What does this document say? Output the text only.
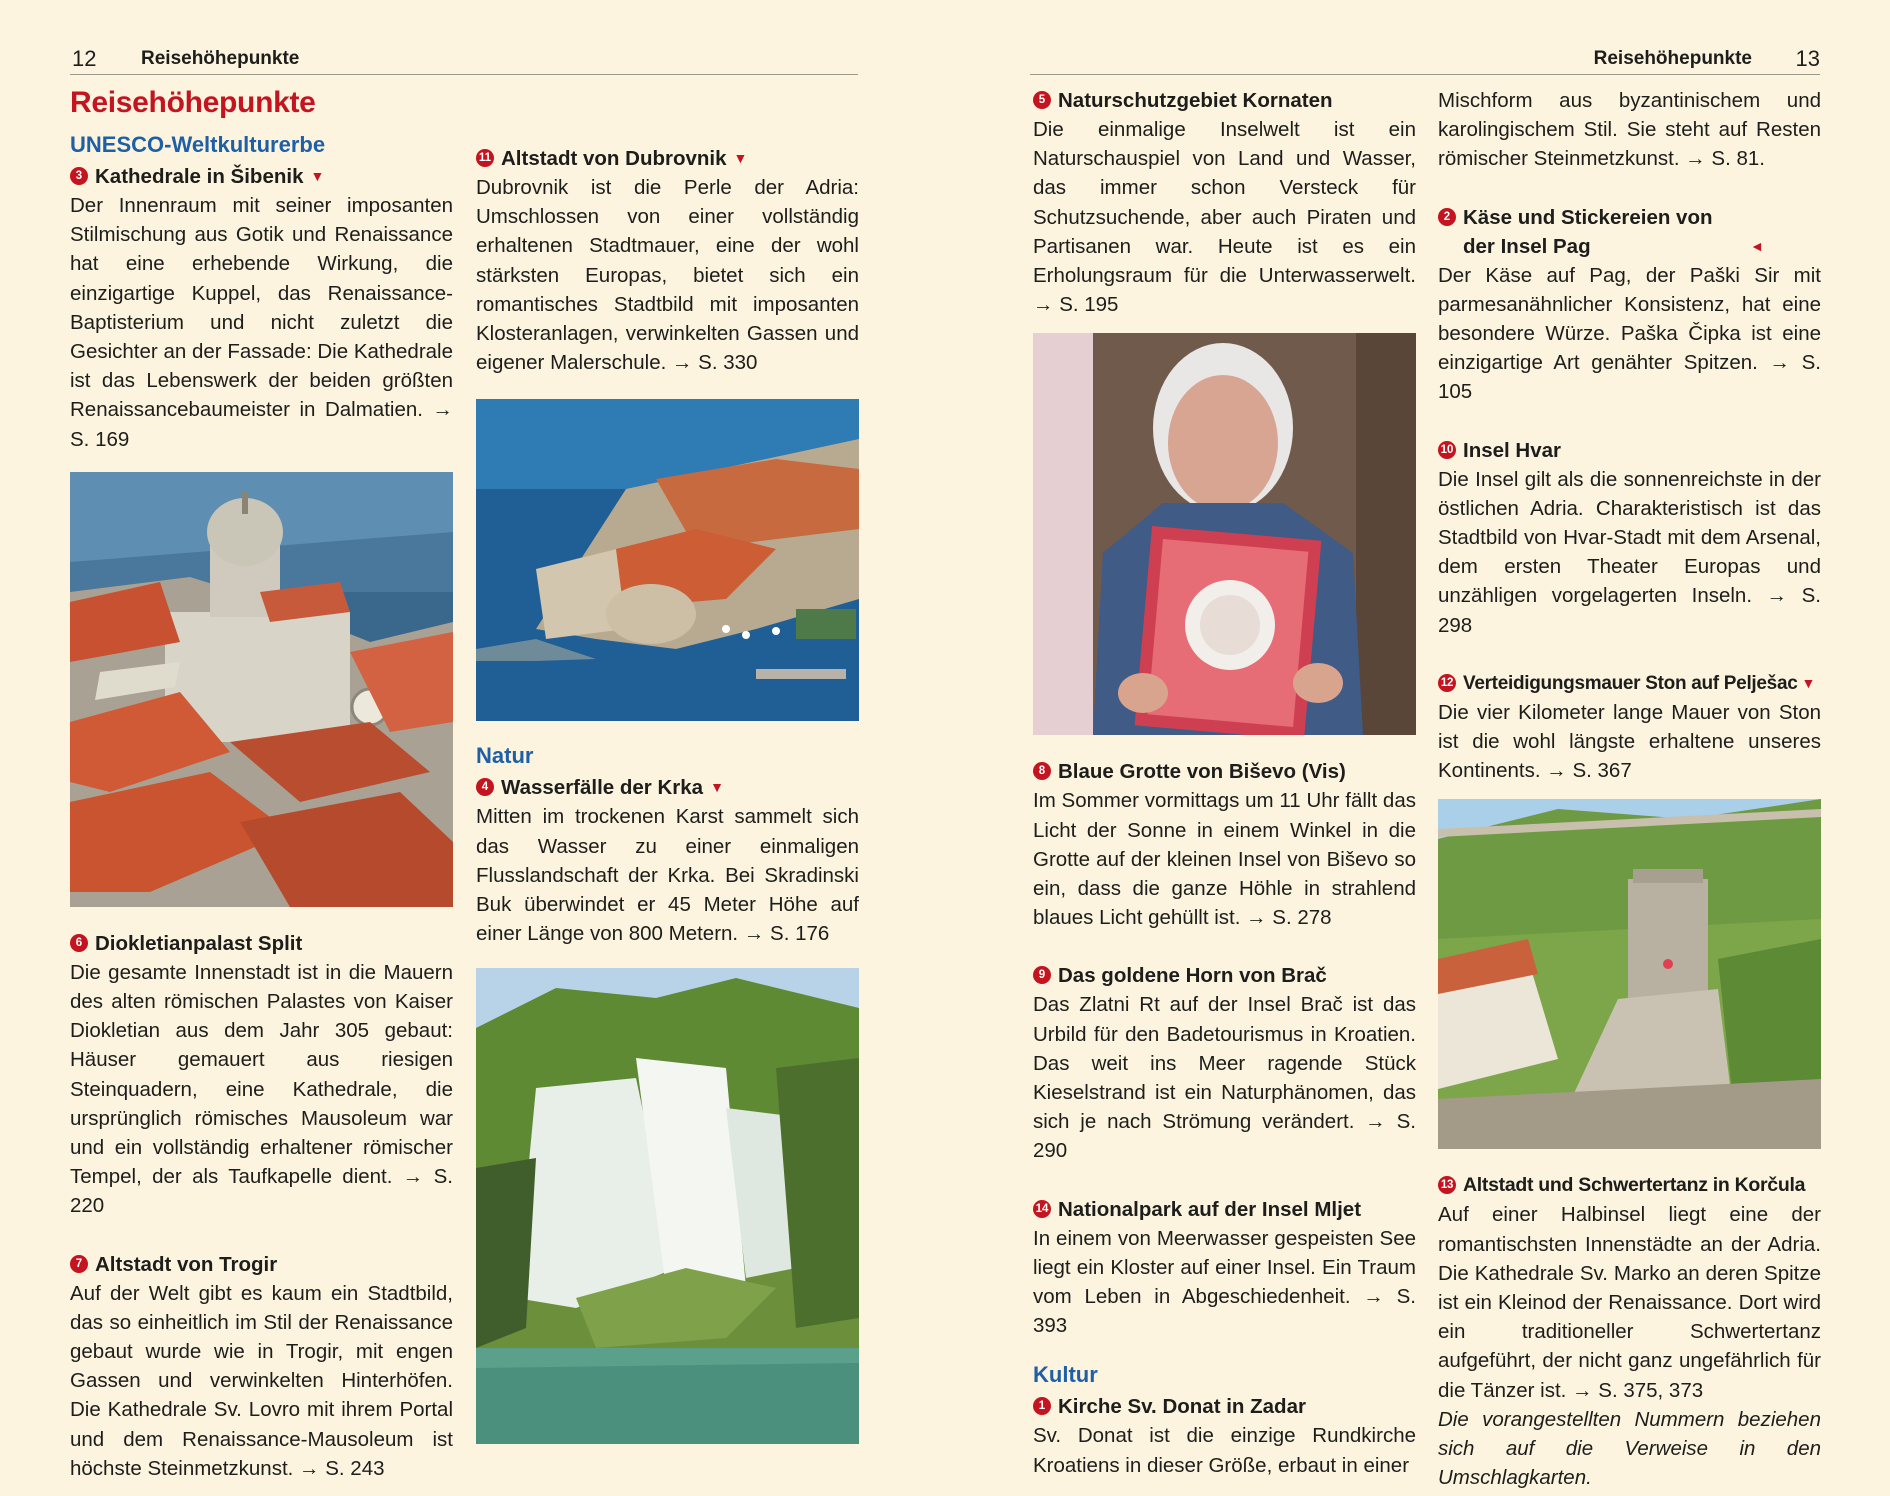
12 Reisehöhepunkte
Reisehöhepunkte
UNESCO-Weltkulturerbe
3 Kathedrale in Šibenik ▼
Der Innenraum mit seiner imposanten Stilmischung aus Gotik und Renaissance hat eine erhebende Wirkung, die einzigartige Kuppel, das Renaissance-Baptisterium und nicht zuletzt die Gesichter an der Fassade: Die Kathedrale ist das Lebenswerk der beiden größten Renaissancebaumeister in Dalmatien. → S. 169
6 Diokletianpalast Split
Die gesamte Innenstadt ist in die Mauern des alten römischen Palastes von Kaiser Diokletian aus dem Jahr 305 gebaut: Häuser gemauert aus riesigen Steinquadern, eine Kathedrale, die ursprünglich römisches Mausoleum war und ein vollständig erhaltener römischer Tempel, der als Taufkapelle dient. → S. 220
7 Altstadt von Trogir
Auf der Welt gibt es kaum ein Stadtbild, das so einheitlich im Stil der Renaissance gebaut wurde wie in Trogir, mit engen Gassen und verwinkelten Hinterhöfen. Die Kathedrale Sv. Lovro mit ihrem Portal und dem Renaissance-Mausoleum ist höchste Steinmetzkunst. → S. 243
11 Altstadt von Dubrovnik ▼
Dubrovnik ist die Perle der Adria: Umschlossen von einer vollständig erhaltenen Stadtmauer, eine der wohl stärksten Europas, bietet sich ein romantisches Stadtbild mit imposanten Klosteranlagen, verwinkelten Gassen und eigener Malerschule. → S. 330
Natur
4 Wasserfälle der Krka ▼
Mitten im trockenen Karst sammelt sich das Wasser zu einer einmaligen Flusslandschaft der Krka. Bei Skradinski Buk überwindet er 45 Meter Höhe auf einer Länge von 800 Metern. → S. 176
Reisehöhepunkte 13
5 Naturschutzgebiet Kornaten
Die einmalige Inselwelt ist ein Naturschauspiel von Land und Wasser, das immer schon Versteck für Schutzsuchende, aber auch Piraten und Partisanen war. Heute ist es ein Erholungsraum für die Unterwasserwelt. → S. 195
8 Blaue Grotte von Biševo (Vis)
Im Sommer vormittags um 11 Uhr fällt das Licht der Sonne in einem Winkel in die Grotte auf der kleinen Insel von Biševo so ein, dass die ganze Höhle in strahlend blaues Licht gehüllt ist. → S. 278
9 Das goldene Horn von Brač
Das Zlatni Rt auf der Insel Brač ist das Urbild für den Badetourismus in Kroatien. Das weit ins Meer ragende Stück Kieselstrand ist ein Naturphänomen, das sich je nach Strömung verändert. → S. 290
14 Nationalpark auf der Insel Mljet
In einem von Meerwasser gespeisten See liegt ein Kloster auf einer Insel. Ein Traum vom Leben in Abgeschiedenheit. → S. 393
Kultur
1 Kirche Sv. Donat in Zadar
Sv. Donat ist die einzige Rundkirche Kroatiens in dieser Größe, erbaut in einer
Mischform aus byzantinischem und karolingischem Stil. Sie steht auf Resten römischer Steinmetzkunst. → S. 81.
2 Käse und Stickereien von der Insel Pag	◄
Der Käse auf Pag, der Paški Sir mit parmesanähnlicher Konsistenz, hat eine besondere Würze. Paška Čipka ist eine einzigartige Art genähter Spitzen. → S. 105
10 Insel Hvar
Die Insel gilt als die sonnenreichste in der östlichen Adria. Charakteristisch ist das Stadtbild von Hvar-Stadt mit dem Arsenal, dem ersten Theater Europas und unzähligen vorgelagerten Inseln. → S. 298
12 Verteidigungsmauer Ston auf Pelješac ▼
Die vier Kilometer lange Mauer von Ston ist die wohl längste erhaltene unseres Kontinents. → S. 367
13 Altstadt und Schwertertanz in Korčula
Auf einer Halbinsel liegt eine der romantischsten Innenstädte an der Adria. Die Kathedrale Sv. Marko an deren Spitze ist ein Kleinod der Renaissance. Dort wird ein traditioneller Schwertertanz aufgeführt, der nicht ganz ungefährlich für die Tänzer ist. → S. 375, 373
Die vorangestellten Nummern beziehen sich auf die Verweise in den Umschlagkarten.
